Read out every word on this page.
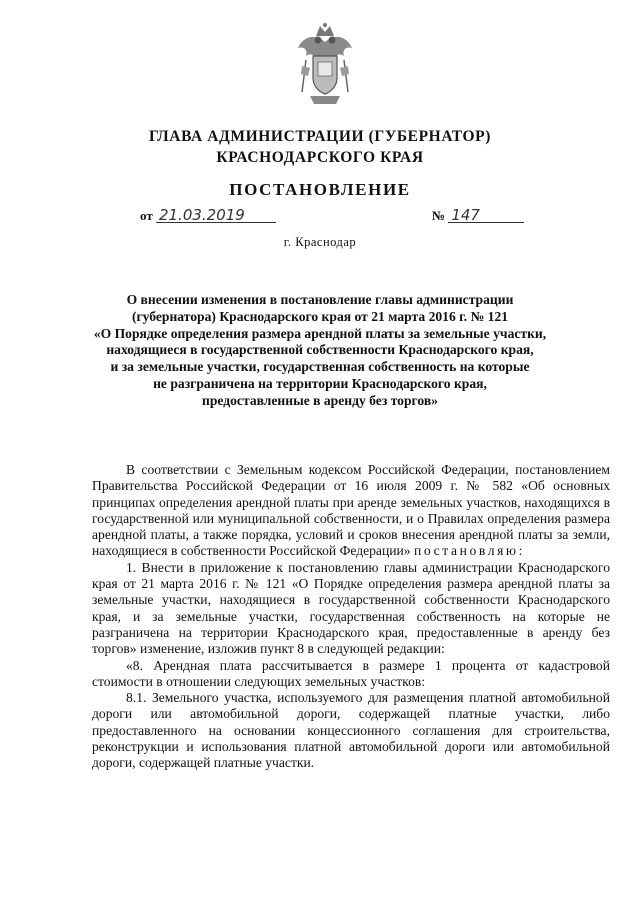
ГЛАВА АДМИНИСТРАЦИИ (ГУБЕРНАТОР)
КРАСНОДАРСКОГО КРАЯ
ПОСТАНОВЛЕНИЕ
от 21.03.2019	№ 147
г. Краснодар
О внесении изменения в постановление главы администрации
(губернатора) Краснодарского края от 21 марта 2016 г. № 121
«О Порядке определения размера арендной платы за земельные участки,
находящиеся в государственной собственности Краснодарского края,
и за земельные участки, государственная собственность на которые
не разграничена на территории Краснодарского края,
предоставленные в аренду без торгов»

В соответствии с Земельным кодексом Российской Федерации, постановлением Правительства Российской Федерации от 16 июля 2009 г. № 582 «Об основных принципах определения арендной платы при аренде земельных участков, находящихся в государственной или муниципальной собственности, и о Правилах определения размера арендной платы, а также порядка, условий и сроков внесения арендной платы за земли, находящиеся в собственности Российской Федерации» постановляю:

1. Внести в приложение к постановлению главы администрации Краснодарского края от 21 марта 2016 г. № 121 «О Порядке определения размера арендной платы за земельные участки, находящиеся в государственной собственности Краснодарского края, и за земельные участки, государственная собственность на которые не разграничена на территории Краснодарского края, предоставленные в аренду без торгов» изменение, изложив пункт 8 в следующей редакции:

«8. Арендная плата рассчитывается в размере 1 процента от кадастровой стоимости в отношении следующих земельных участков:

8.1. Земельного участка, используемого для размещения платной автомобильной дороги или автомобильной дороги, содержащей платные участки, либо предоставленного на основании концессионного соглашения для строительства, реконструкции и использования платной автомобильной дороги или автомобильной дороги, содержащей платные участки.
